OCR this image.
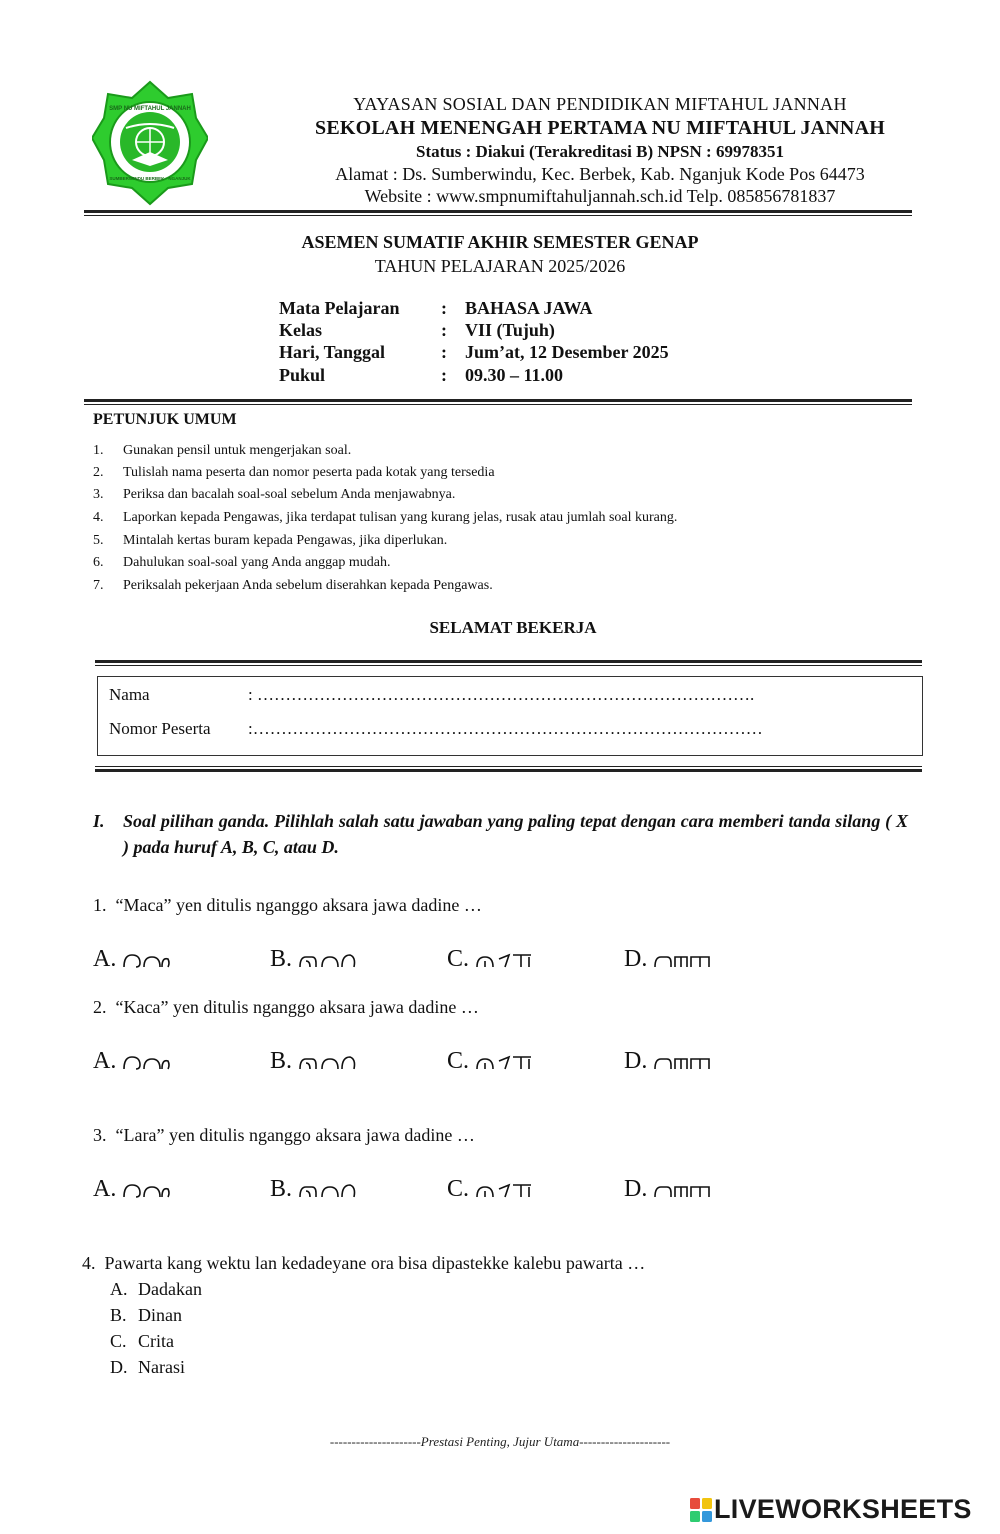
SMP NU MIFTAHUL JANNAH
SUMBERWINDU BERBEK - NGANJUK
YAYASAN SOSIAL DAN PENDIDIKAN MIFTAHUL JANNAH
SEKOLAH MENENGAH PERTAMA NU MIFTAHUL JANNAH
Status : Diakui (Terakreditasi B) NPSN : 69978351
Alamat : Ds. Sumberwindu, Kec. Berbek, Kab. Nganjuk Kode Pos 64473
Website : www.smpnumiftahuljannah.sch.id Telp. 085856781837
ASEMEN SUMATIF AKHIR SEMESTER GENAP
TAHUN PELAJARAN 2025/2026
Mata Pelajaran : BAHASA JAWA
Kelas	: VII (Tujuh)
Hari, Tanggal	: Jum’at, 12 Desember 2025
Pukul	: 09.30 – 11.00
PETUNJUK UMUM
1. Gunakan pensil untuk mengerjakan soal.
2. Tulislah nama peserta dan nomor peserta pada kotak yang tersedia
3. Periksa dan bacalah soal-soal sebelum Anda menjawabnya.
4. Laporkan kepada Pengawas, jika terdapat tulisan yang kurang jelas, rusak atau jumlah soal kurang.
5. Mintalah kertas buram kepada Pengawas, jika diperlukan.
6. Dahulukan soal-soal yang Anda anggap mudah.
7. Periksalah pekerjaan Anda sebelum diserahkan kepada Pengawas.
SELAMAT BEKERJA
Nama	: …………………………………………………………………………….
Nomor Peserta :………………………………………………………………………………
I. Soal pilihan ganda. Pilihlah salah satu jawaban yang paling tepat dengan cara memberi tanda silang ( X ) pada huruf A, B, C, atau D.
1. “Maca” yen ditulis nganggo aksara jawa dadine …
A.	B.	C.	D.
2. “Kaca” yen ditulis nganggo aksara jawa dadine …
A.	B.	C.	D.
3. “Lara” yen ditulis nganggo aksara jawa dadine …
A.	B.	C.	D.
4. Pawarta kang wektu lan kedadeyane ora bisa dipastekke kalebu pawarta …
A. Dadakan
B. Dinan
C. Crita
D. Narasi
---------------------Prestasi Penting, Jujur Utama---------------------
LIVEWORKSHEETS
